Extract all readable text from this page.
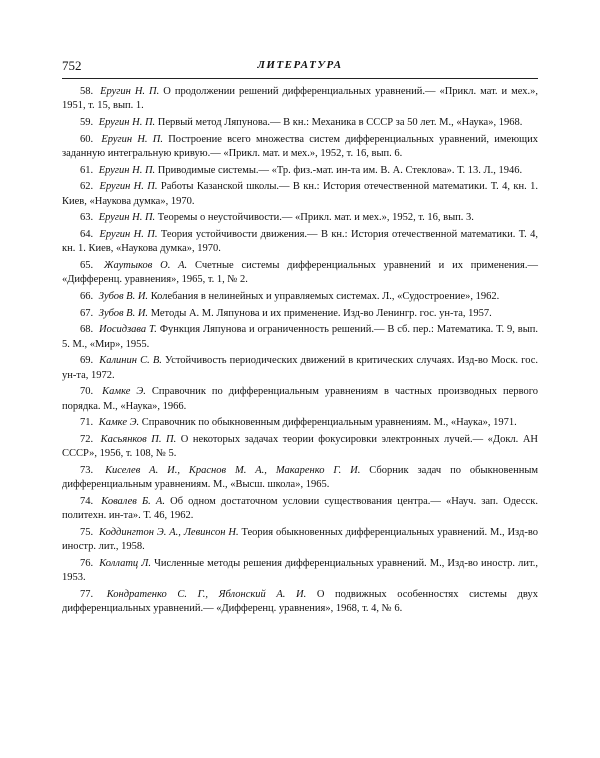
752	ЛИТЕРАТУРА

58. Еругин Н. П. О продолжении решений дифференциальных уравнений.— «Прикл. мат. и мех.», 1951, т. 15, вып. 1.

59. Еругин Н. П. Первый метод Ляпунова.— В кн.: Механика в СССР за 50 лет. М., «Наука», 1968.

60. Еругин Н. П. Построение всего множества систем дифференциальных уравнений, имеющих заданную интегральную кривую.— «Прикл. мат. и мех.», 1952, т. 16, вып. 6.

61. Еругин Н. П. Приводимые системы.— «Тр. физ.-мат. ин-та им. В. А. Стеклова». Т. 13. Л., 1946.

62. Еругин Н. П. Работы Казанской школы.— В кн.: История отечественной математики. Т. 4, кн. 1. Киев, «Наукова думка», 1970.

63. Еругин Н. П. Теоремы о неустойчивости.— «Прикл. мат. и мех.», 1952, т. 16, вып. 3.

64. Еругин Н. П. Теория устойчивости движения.— В кн.: История отечественной математики. Т. 4, кн. 1. Киев, «Наукова думка», 1970.

65. Жаутыков О. А. Счетные системы дифференциальных уравнений и их применения.— «Дифференц. уравнения», 1965, т. 1, № 2.

66. Зубов В. И. Колебания в нелинейных и управляемых системах. Л., «Судостроение», 1962.

67. Зубов В. И. Методы А. М. Ляпунова и их применение. Изд-во Ленингр. гос. ун-та, 1957.

68. Иосидзава Т. Функция Ляпунова и ограниченность решений.— В сб. пер.: Математика. Т. 9, вып. 5. М., «Мир», 1955.

69. Калинин С. В. Устойчивость периодических движений в критических случаях. Изд-во Моск. гос. ун-та, 1972.

70. Камке Э. Справочник по дифференциальным уравнениям в частных производных первого порядка. М., «Наука», 1966.

71. Камке Э. Справочник по обыкновенным дифференциальным уравнениям. М., «Наука», 1971.

72. Касьянков П. П. О некоторых задачах теории фокусировки электронных лучей.— «Докл. АН СССР», 1956, т. 108, № 5.

73. Киселев А. И., Краснов М. А., Макаренко Г. И. Сборник задач по обыкновенным дифференциальным уравнениям. М., «Высш. школа», 1965.

74. Ковалев Б. А. Об одном достаточном условии существования центра.— «Науч. зап. Одесск. политехн. ин-та». Т. 46, 1962.

75. Коддингтон Э. А., Левинсон Н. Теория обыкновенных дифференциальных уравнений. М., Изд-во иностр. лит., 1958.

76. Коллатц Л. Численные методы решения дифференциальных уравнений. М., Изд-во иностр. лит., 1953.

77. Кондратенко С. Г., Яблонский А. И. О подвижных особенностях системы двух дифференциальных уравнений.— «Дифференц. уравнения», 1968, т. 4, № 6.
